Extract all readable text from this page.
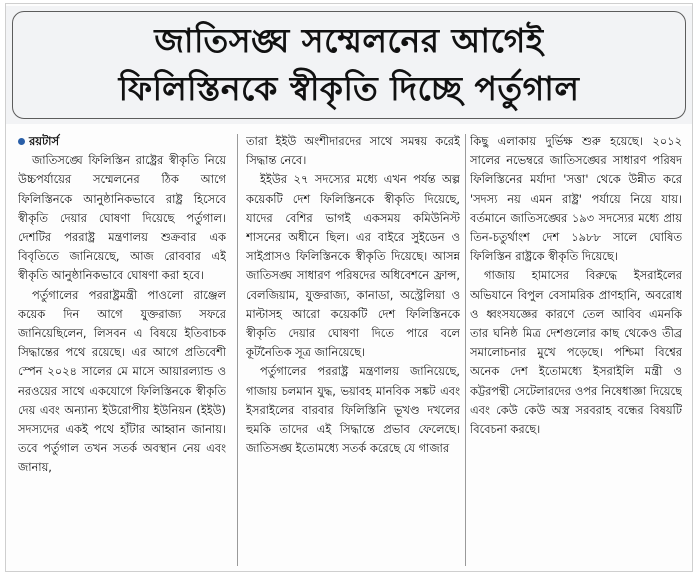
জাতিসঙ্ঘ সম্মেলনের আগেই
ফিলিস্তিনকে স্বীকৃতি দিচ্ছে পর্তুগাল
রয়টার্স
জাতিসঙ্ঘে ফিলিস্তিন রাষ্ট্রের স্বীকৃতি নিয়ে উচ্চপর্যায়ের সম্মেলনের ঠিক আগে ফিলিস্তিনকে আনুষ্ঠানিকভাবে রাষ্ট্র হিসেবে স্বীকৃতি দেয়ার ঘোষণা দিয়েছে পর্তুগাল। দেশটির পররাষ্ট্র মন্ত্রণালয় শুক্রবার এক বিবৃতিতে জানিয়েছে, আজ রোববার এই স্বীকৃতি আনুষ্ঠানিকভাবে ঘোষণা করা হবে।
পর্তুগালের পররাষ্ট্রমন্ত্রী পাওলো রাঞ্জেল কয়েক দিন আগে যুক্তরাজ্য সফরে জানিয়েছিলেন, লিসবন এ বিষয়ে ইতিবাচক সিদ্ধান্তের পথে রয়েছে। এর আগে প্রতিবেশী স্পেন ২০২৪ সালের মে মাসে আয়ারল্যান্ড ও নরওয়ের সাথে একযোগে ফিলিস্তিনকে স্বীকৃতি দেয় এবং অন্যান্য ইউরোপীয় ইউনিয়ন (ইইউ) সদস্যদের একই পথে হাঁটার আহ্বান জানায়। তবে পর্তুগাল তখন সতর্ক অবস্থান নেয় এবং জানায়,
তারা ইইউ অংশীদারদের সাথে সমন্বয় করেই সিদ্ধান্ত নেবে।
ইইউর ২৭ সদস্যের মধ্যে এখন পর্যন্ত অল্প কয়েকটি দেশ ফিলিস্তিনকে স্বীকৃতি দিয়েছে, যাদের বেশির ভাগই একসময় কমিউনিস্ট শাসনের অধীনে ছিল। এর বাইরে সুইডেন ও সাইপ্রাসও ফিলিস্তিনকে স্বীকৃতি দিয়েছে। আসন্ন জাতিসঙ্ঘ সাধারণ পরিষদের অধিবেশনে ফ্রান্স, বেলজিয়াম, যুক্তরাজ্য, কানাডা, অস্ট্রেলিয়া ও মাল্টাসহ আরো কয়েকটি দেশ ফিলিস্তিনকে স্বীকৃতি দেয়ার ঘোষণা দিতে পারে বলে কূটনৈতিক সূত্র জানিয়েছে।
পর্তুগালের পররাষ্ট্র মন্ত্রণালয় জানিয়েছে, গাজায় চলমান যুদ্ধ, ভয়াবহ মানবিক সঙ্কট এবং ইসরাইলের বারবার ফিলিস্তিনি ভূখণ্ড দখলের হুমকি তাদের এই সিদ্ধান্তে প্রভাব ফেলেছে। জাতিসঙ্ঘ ইতোমধ্যে সতর্ক করেছে যে গাজার
কিছু এলাকায় দুর্ভিক্ষ শুরু হয়েছে। ২০১২ সালের নভেম্বরে জাতিসঙ্ঘের সাধারণ পরিষদ ফিলিস্তিনের মর্যাদা 'সত্তা' থেকে উন্নীত করে 'সদস্য নয় এমন রাষ্ট্র' পর্যায়ে নিয়ে যায়। বর্তমানে জাতিসঙ্ঘের ১৯৩ সদস্যের মধ্যে প্রায় তিন-চতুর্থাংশ দেশ ১৯৮৮ সালে ঘোষিত ফিলিস্তিন রাষ্ট্রকে স্বীকৃতি দিয়েছে।
গাজায় হামাসের বিরুদ্ধে ইসরাইলের অভিযানে বিপুল বেসামরিক প্রাণহানি, অবরোধ ও ধ্বংসযজ্ঞের কারণে তেল আবিব এমনকি তার ঘনিষ্ঠ মিত্র দেশগুলোর কাছ থেকেও তীব্র সমালোচনার মুখে পড়েছে। পশ্চিমা বিশ্বের অনেক দেশ ইতোমধ্যে ইসরাইলি মন্ত্রী ও কট্টরপন্থী সেটেলারদের ওপর নিষেধাজ্ঞা দিয়েছে এবং কেউ কেউ অস্ত্র সরবরাহ বন্ধের বিষয়টি বিবেচনা করছে।
